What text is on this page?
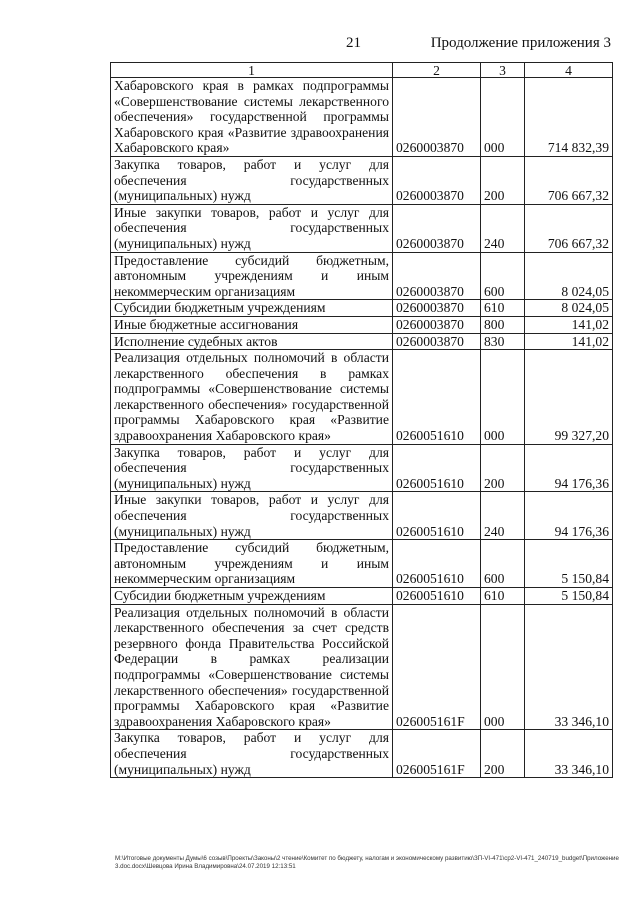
21	Продолжение приложения 3
1	2	3	4
Хабаровского края в рамках подпрограммы «Совершенствование системы лекарственного обеспечения» государственной программы Хабаровского края «Развитие здравоохранения Хабаровского края»	0260003870	000	714 832,39
Закупка товаров, работ и услуг для обеспечения государственных (муниципальных) нужд	0260003870	200	706 667,32
Иные закупки товаров, работ и услуг для обеспечения государственных (муниципальных) нужд	0260003870	240	706 667,32
Предоставление субсидий бюджетным, автономным учреждениям и иным некоммерческим организациям	0260003870	600	8 024,05
Субсидии бюджетным учреждениям	0260003870	610	8 024,05
Иные бюджетные ассигнования	0260003870	800	141,02
Исполнение судебных актов	0260003870	830	141,02
Реализация отдельных полномочий в области лекарственного обеспечения в рамках подпрограммы «Совершенствование системы лекарственного обеспечения» государственной программы Хабаровского края «Развитие здравоохранения Хабаровского края»	0260051610	000	99 327,20
Закупка товаров, работ и услуг для обеспечения государственных (муниципальных) нужд	0260051610	200	94 176,36
Иные закупки товаров, работ и услуг для обеспечения государственных (муниципальных) нужд	0260051610	240	94 176,36
Предоставление субсидий бюджетным, автономным учреждениям и иным некоммерческим организациям	0260051610	600	5 150,84
Субсидии бюджетным учреждениям	0260051610	610	5 150,84
Реализация отдельных полномочий в области лекарственного обеспечения за счет средств резервного фонда Правительства Российской Федерации в рамках реализации подпрограммы «Совершенствование системы лекарственного обеспечения» государственной программы Хабаровского края «Развитие здравоохранения Хабаровского края»	026005161F	000	33 346,10
Закупка товаров, работ и услуг для обеспечения государственных (муниципальных) нужд	026005161F	200	33 346,10
М:\Итоговые документы Думы\6 созыв\Проекты\Законы\2 чтение\Комитет по бюджету, налогам и экономическому развитию\ЗП-VI-471\ср2-VI-471_240719_budget\Приложение 3.doc.docx\Шевцова Ирина Владимировна\24.07.2019 12:13:51
